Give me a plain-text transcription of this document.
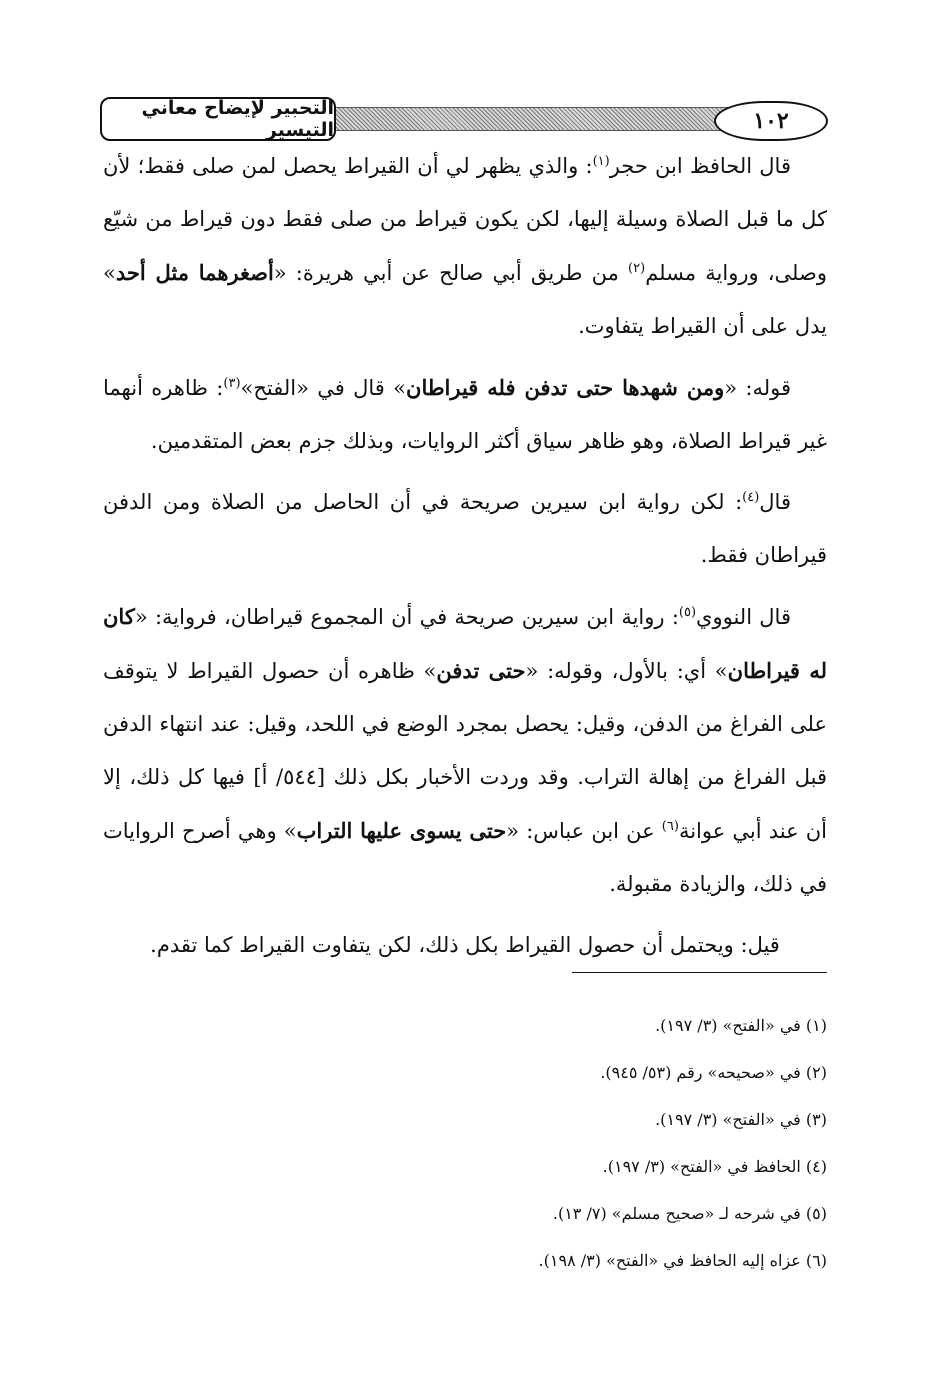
١٠٢
التحبير لإيضاح معاني التيسير

قال الحافظ ابن حجر$^{(١)}$: والذي يظهر لي أن القيراط يحصل لمن صلى فقط؛ لأن كل ما قبل الصلاة وسيلة إليها، لكن يكون قيراط من صلى فقط دون قيراط من شيّع وصلى، ورواية مسلم$^{(٢)}$ من طريق أبي صالح عن أبي هريرة: «أصغرهما مثل أحد» يدل على أن القيراط يتفاوت.

قوله: «ومن شهدها حتى تدفن فله قيراطان» قال في «الفتح»$^{(٣)}$: ظاهره أنهما غير قيراط الصلاة، وهو ظاهر سياق أكثر الروايات، وبذلك جزم بعض المتقدمين.

قال$^{(٤)}$: لكن رواية ابن سيرين صريحة في أن الحاصل من الصلاة ومن الدفن قيراطان فقط.

قال النووي$^{(٥)}$: رواية ابن سيرين صريحة في أن المجموع قيراطان، فرواية: «كان له قيراطان» أي: بالأول، وقوله: «حتى تدفن» ظاهره أن حصول القيراط لا يتوقف على الفراغ من الدفن، وقيل: يحصل بمجرد الوضع في اللحد، وقيل: عند انتهاء الدفن قبل الفراغ من إهالة التراب. وقد وردت الأخبار بكل ذلك [٥٤٤/ أ] فيها كل ذلك، إلا أن عند أبي عوانة$^{(٦)}$ عن ابن عباس: «حتى يسوى عليها التراب» وهي أصرح الروايات في ذلك، والزيادة مقبولة.

قيل: ويحتمل أن حصول القيراط بكل ذلك، لكن يتفاوت القيراط كما تقدم.

(١) في «الفتح» (٣/ ١٩٧).

(٢) في «صحيحه» رقم (٥٣/ ٩٤٥).

(٣) في «الفتح» (٣/ ١٩٧).

(٤) الحافظ في «الفتح» (٣/ ١٩٧).

(٥) في شرحه لـ «صحيح مسلم» (٧/ ١٣).

(٦) عزاه إليه الحافظ في «الفتح» (٣/ ١٩٨).
